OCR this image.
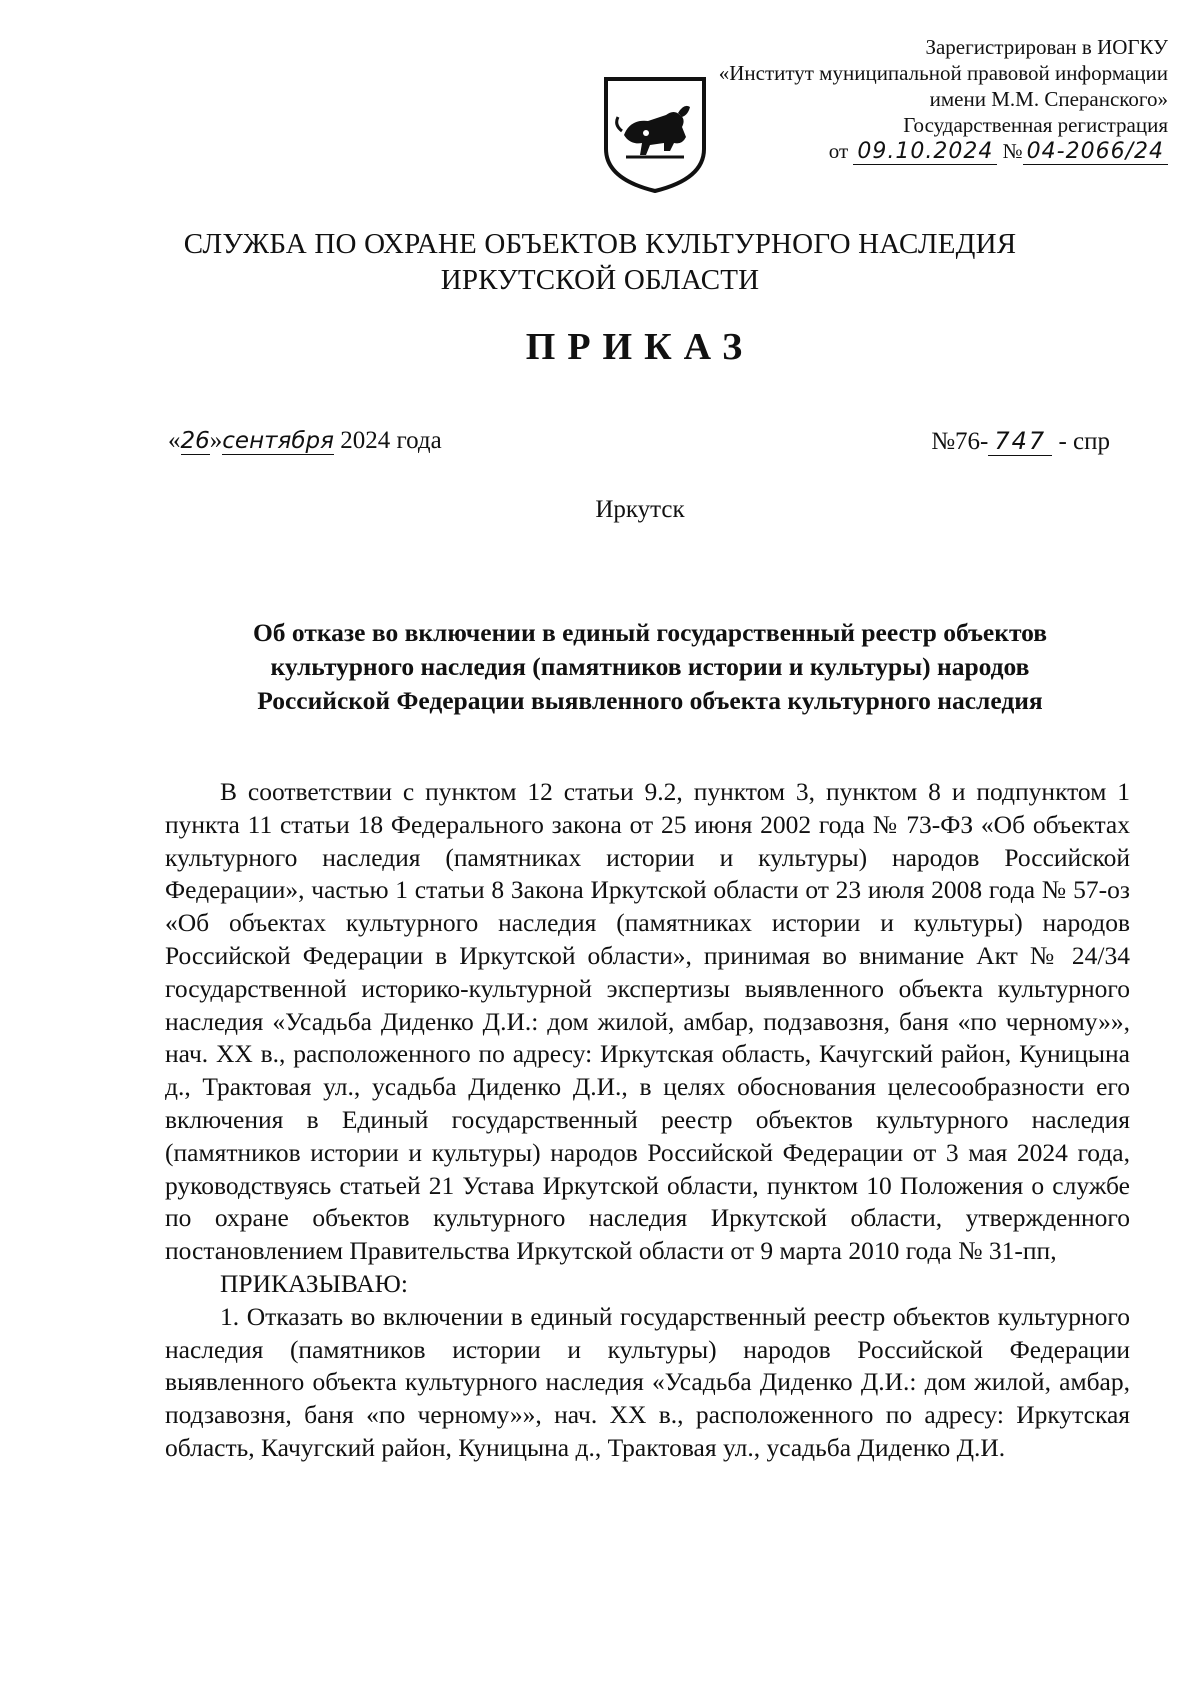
Зарегистрирован в ИОГКУ
«Институт муниципальной правовой информации
имени М.М. Сперанского»
Государственная регистрация
от 09.10.2024 № 04-2066/24
СЛУЖБА ПО ОХРАНЕ ОБЪЕКТОВ КУЛЬТУРНОГО НАСЛЕДИЯ
ИРКУТСКОЙ ОБЛАСТИ
ПРИКАЗ
«26»сентября 2024 года	№76- 747 - спр
Иркутск
Об отказе во включении в единый государственный реестр объектов
культурного наследия (памятников истории и культуры) народов
Российской Федерации выявленного объекта культурного наследия

В соответствии с пунктом 12 статьи 9.2, пунктом 3, пунктом 8 и подпунктом 1 пункта 11 статьи 18 Федерального закона от 25 июня 2002 года № 73-ФЗ «Об объектах культурного наследия (памятниках истории и культуры) народов Российской Федерации», частью 1 статьи 8 Закона Иркутской области от 23 июля 2008 года № 57-оз «Об объектах культурного наследия (памятниках истории и культуры) народов Российской Федерации в Иркутской области», принимая во внимание Акт № 24/34 государственной историко-культурной экспертизы выявленного объекта культурного наследия «Усадьба Диденко Д.И.: дом жилой, амбар, подзавозня, баня «по черному»», нач. XX в., расположенного по адресу: Иркутская область, Качугский район, Куницына д., Трактовая ул., усадьба Диденко Д.И., в целях обоснования целесообразности его включения в Единый государственный реестр объектов культурного наследия (памятников истории и культуры) народов Российской Федерации от 3 мая 2024 года, руководствуясь статьей 21 Устава Иркутской области, пунктом 10 Положения о службе по охране объектов культурного наследия Иркутской области, утвержденного постановлением Правительства Иркутской области от 9 марта 2010 года № 31-пп,

ПРИКАЗЫВАЮ:

1. Отказать во включении в единый государственный реестр объектов культурного наследия (памятников истории и культуры) народов Российской Федерации выявленного объекта культурного наследия «Усадьба Диденко Д.И.: дом жилой, амбар, подзавозня, баня «по черному»», нач. XX в., расположенного по адресу: Иркутская область, Качугский район, Куницына д., Трактовая ул., усадьба Диденко Д.И.
